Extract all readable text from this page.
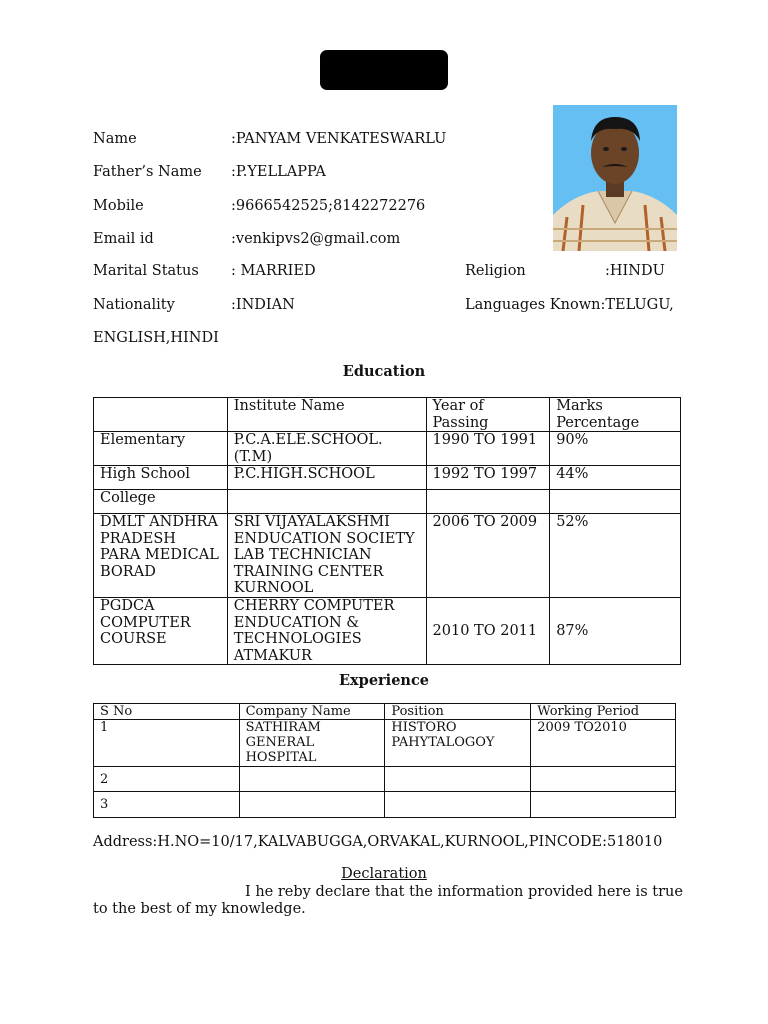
Name	:PANYAM VENKATESWARLU
Father’s Name :P.YELLAPPA
Mobile	:9666542525;8142272276
Email id	:venkipvs2@gmail.com
Marital Status : MARRIED	Religion	:HINDU
Nationality	:INDIAN	Languages Known:TELUGU,
ENGLISH,HINDI
Education
	Institute Name	Year of Passing	Marks Percentage
Elementary	P.C.A.ELE.SCHOOL.(T.M)	1990 TO 1991	90%
High School	P.C.HIGH.SCHOOL	1992 TO 1997	44%
College			
DMLT ANDHRA PRADESH PARA MEDICAL BORAD	SRI VIJAYALAKSHMI ENDUCATION SOCIETY LAB TECHNICIAN TRAINING CENTER KURNOOL	2006 TO 2009	52%
PGDCA COMPUTER COURSE	CHERRY COMPUTER ENDUCATION & TECHNOLOGIES ATMAKUR	2010 TO 2011	87%
Experience
S No	Company Name	Position	Working Period
1	SATHIRAM GENERAL HOSPITAL	HISTORO PAHYTALOGOY	2009 TO2010
2			
3			
Address:H.NO=10/17,KALVABUGGA,ORVAKAL,KURNOOL,PINCODE:518010
Declaration
I he reby declare that the information provided here is true to the best of my knowledge.
